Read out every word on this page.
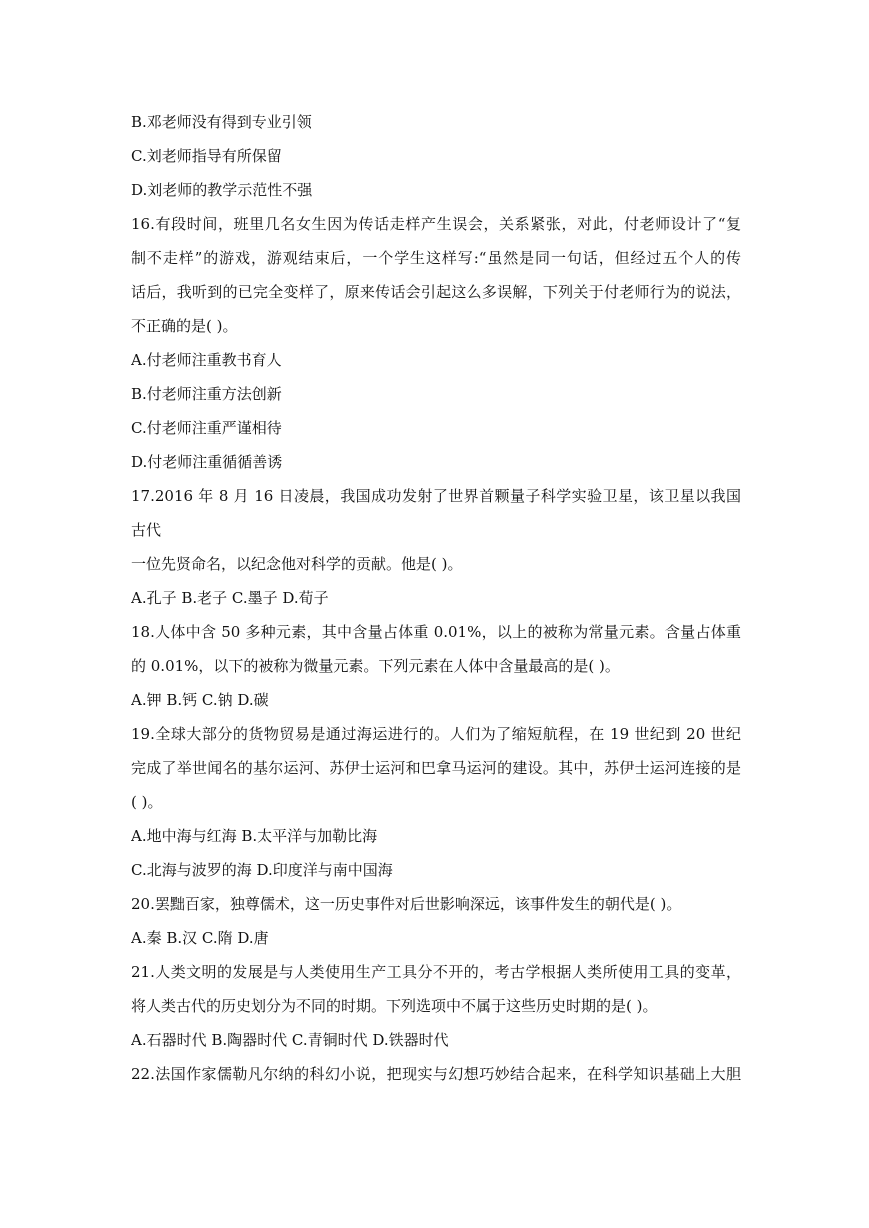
B.邓老师没有得到专业引领
C.刘老师指导有所保留
D.刘老师的教学示范性不强
16.有段时间，班里几名女生因为传话走样产生误会，关系紧张，对此，付老师设计了“复
制不走样”的游戏，游观结束后，一个学生这样写:“虽然是同一句话，但经过五个人的传
话后，我听到的已完全变样了，原来传话会引起这么多误解，下列关于付老师行为的说法，
不正确的是( )。
A.付老师注重教书育人
B.付老师注重方法创新
C.付老师注重严谨相待
D.付老师注重循循善诱
17.2016 年 8 月 16 日凌晨，我国成功发射了世界首颗量子科学实验卫星，该卫星以我国
古代
一位先贤命名，以纪念他对科学的贡献。他是( )。
A.孔子 B.老子 C.墨子 D.荀子
18.人体中含 50 多种元素，其中含量占体重 0.01%，以上的被称为常量元素。含量占体重
的 0.01%，以下的被称为微量元素。下列元素在人体中含量最高的是( )。
A.钾 B.钙 C.钠 D.碳
19.全球大部分的货物贸易是通过海运进行的。人们为了缩短航程，在 19 世纪到 20 世纪
完成了举世闻名的基尔运河、苏伊士运河和巴拿马运河的建设。其中，苏伊士运河连接的是
( )。
A.地中海与红海 B.太平洋与加勒比海
C.北海与波罗的海 D.印度洋与南中国海
20.罢黜百家，独尊儒术，这一历史事件对后世影响深远，该事件发生的朝代是( )。
A.秦 B.汉 C.隋 D.唐
21.人类文明的发展是与人类使用生产工具分不开的，考古学根据人类所使用工具的变革，
将人类古代的历史划分为不同的时期。下列选项中不属于这些历史时期的是( )。
A.石器时代 B.陶器时代 C.青铜时代 D.铁器时代
22.法国作家儒勒凡尔纳的科幻小说，把现实与幻想巧妙结合起来，在科学知识基础上大胆
